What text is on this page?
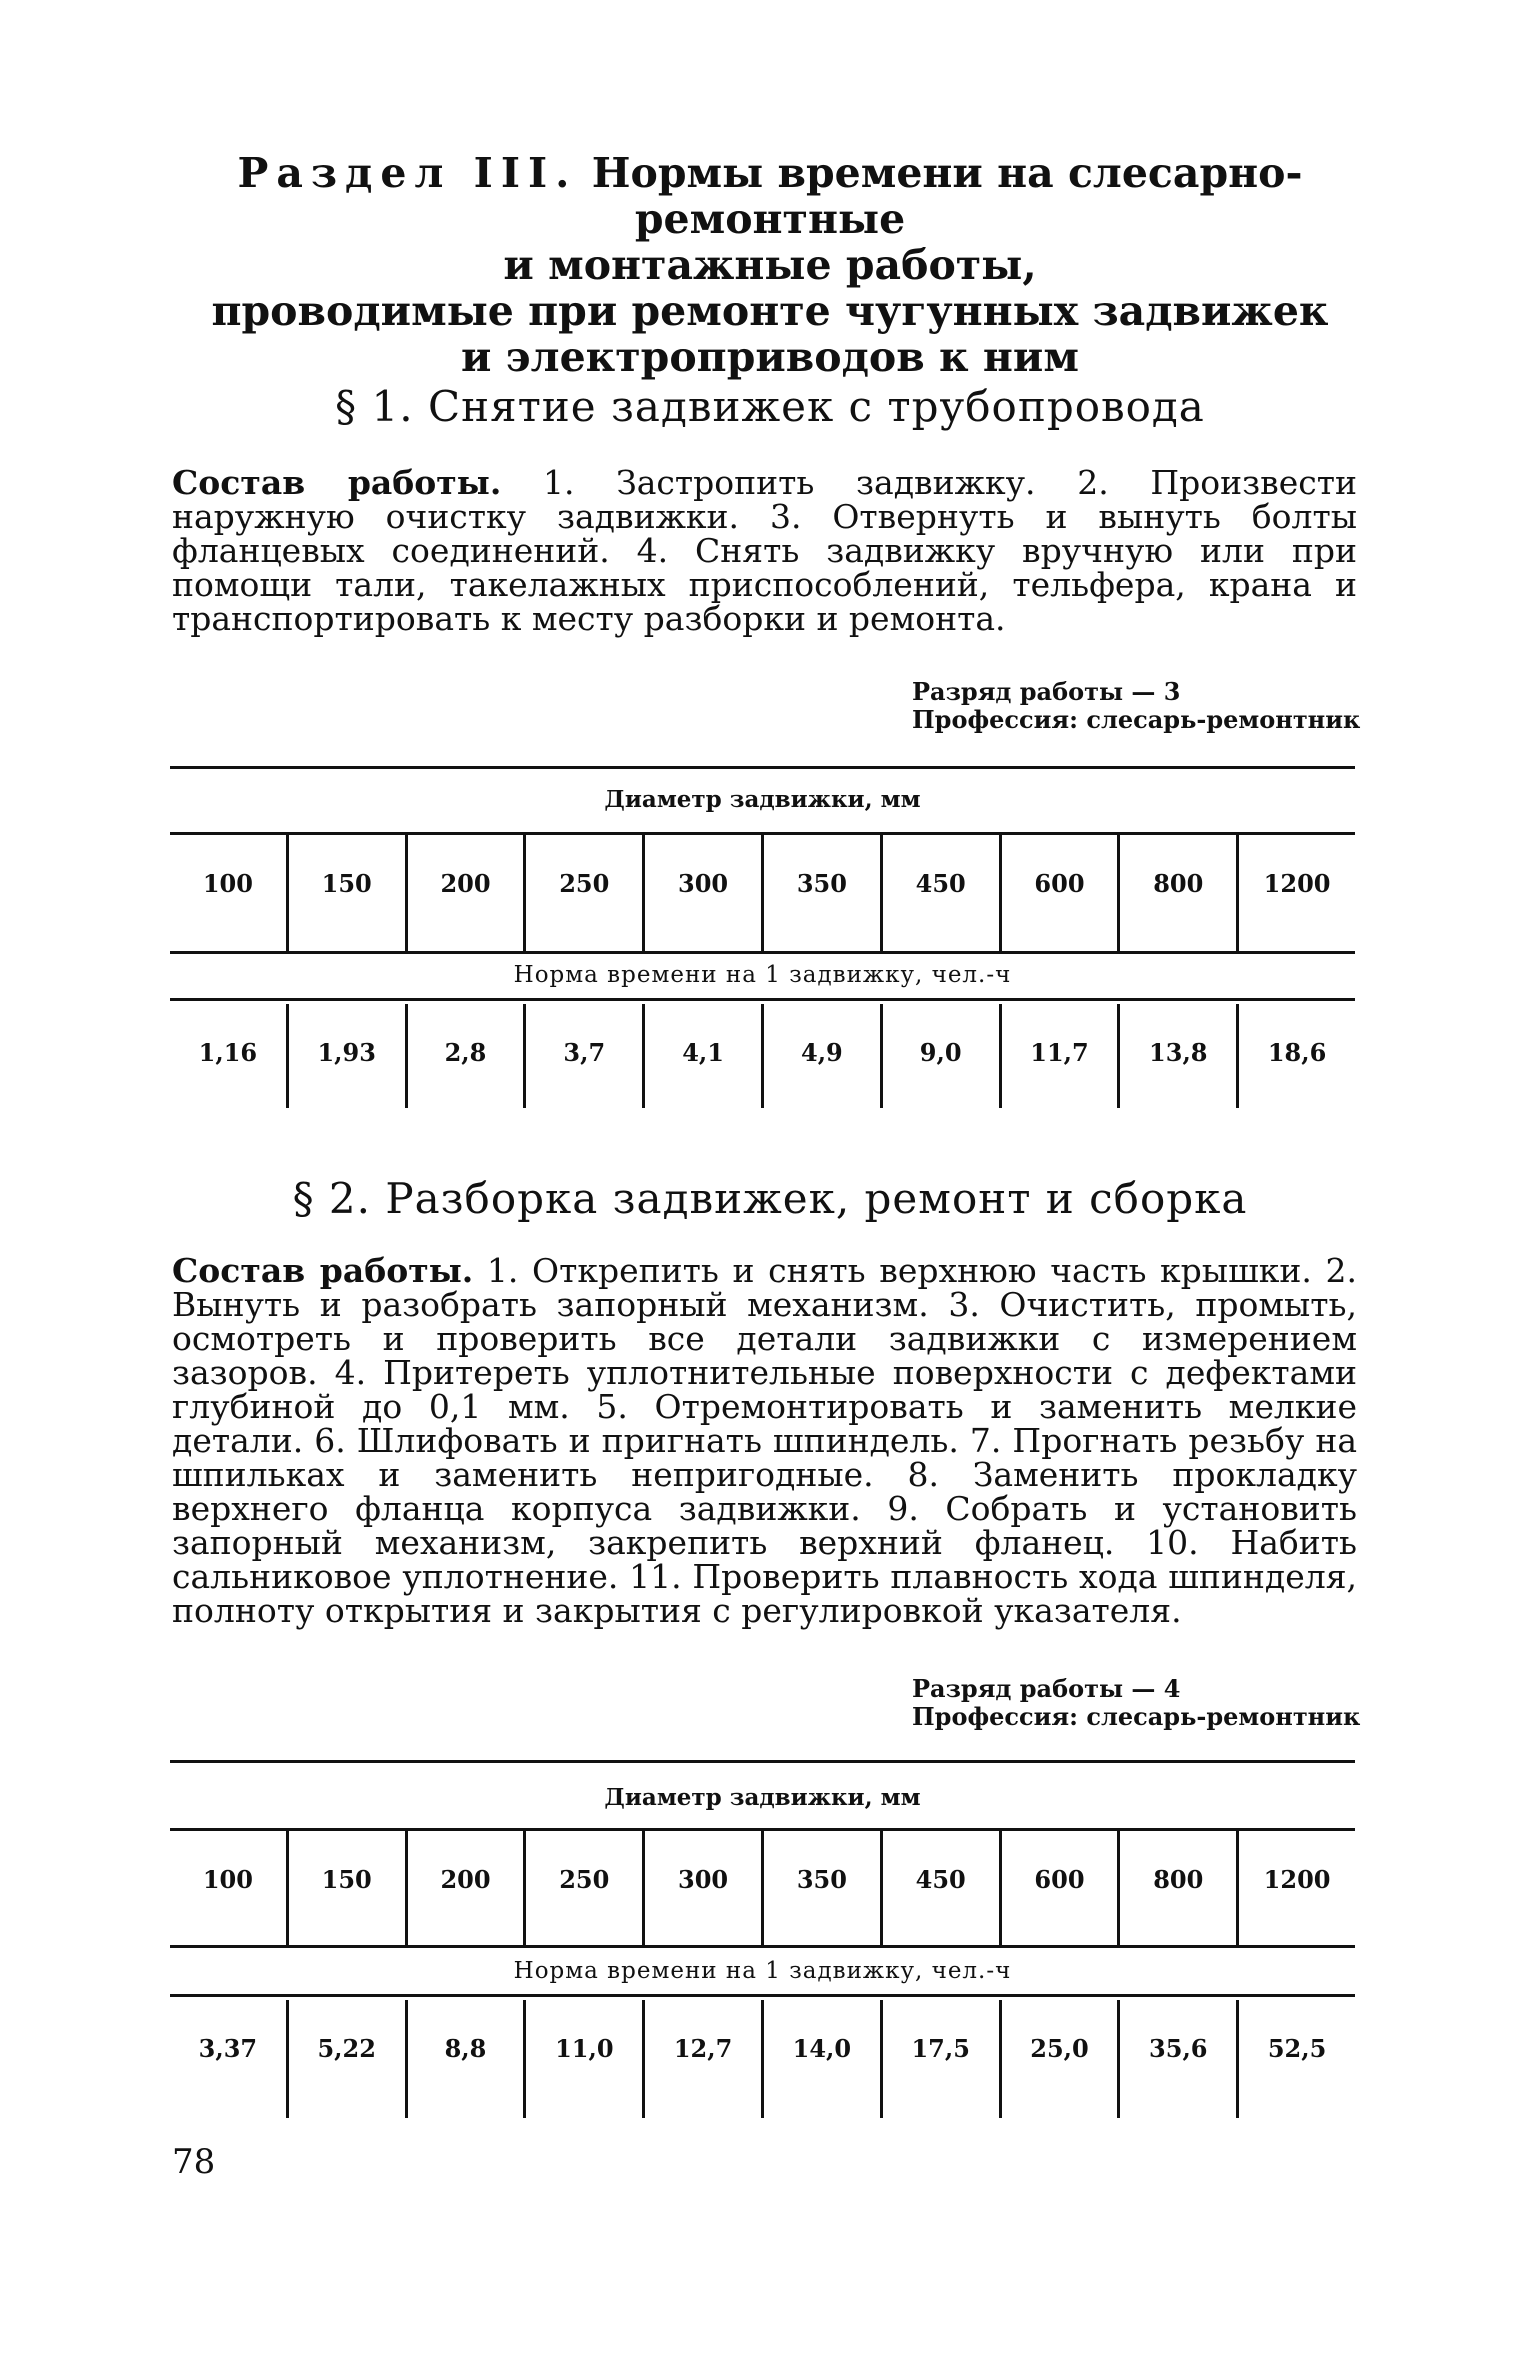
Раздел III. Нормы времени на слесарно-ремонтные
и монтажные работы,
проводимые при ремонте чугунных задвижек
и электроприводов к ним
§ 1. Снятие задвижек с трубопровода
Состав работы. 1. Застропить задвижку. 2. Произвести наружную очистку задвижки. 3. Отвернуть и вынуть болты фланцевых соединений. 4. Снять задвижку вручную или при помощи тали, такелажных приспособлений, тельфера, крана и транспортировать к месту разборки и ремонта.
Разряд работы — 3
Профессия: слесарь-ремонтник
Диаметр задвижки, мм
100	150	200	250	300	350	450	600	800	1200
Норма времени на 1 задвижку, чел.-ч
1,16	1,93	2,8	3,7	4,1	4,9	9,0	11,7	13,8	18,6
§ 2. Разборка задвижек, ремонт и сборка
Состав работы. 1. Открепить и снять верхнюю часть крышки. 2. Вынуть и разобрать запорный механизм. 3. Очистить, промыть, осмотреть и проверить все детали задвижки с измерением зазоров. 4. Притереть уплотнительные поверхности с дефектами глубиной до 0,1 мм. 5. Отремонтировать и заменить мелкие детали. 6. Шлифовать и пригнать шпиндель. 7. Прогнать резьбу на шпильках и заменить непригодные. 8. Заменить прокладку верхнего фланца корпуса задвижки. 9. Собрать и установить запорный механизм, закрепить верхний фланец. 10. Набить сальниковое уплотнение. 11. Проверить плавность хода шпинделя, полноту открытия и закрытия с регулировкой указателя.
Разряд работы — 4
Профессия: слесарь-ремонтник
Диаметр задвижки, мм
100	150	200	250	300	350	450	600	800	1200
Норма времени на 1 задвижку, чел.-ч
3,37	5,22	8,8	11,0	12,7	14,0	17,5	25,0	35,6	52,5
78
